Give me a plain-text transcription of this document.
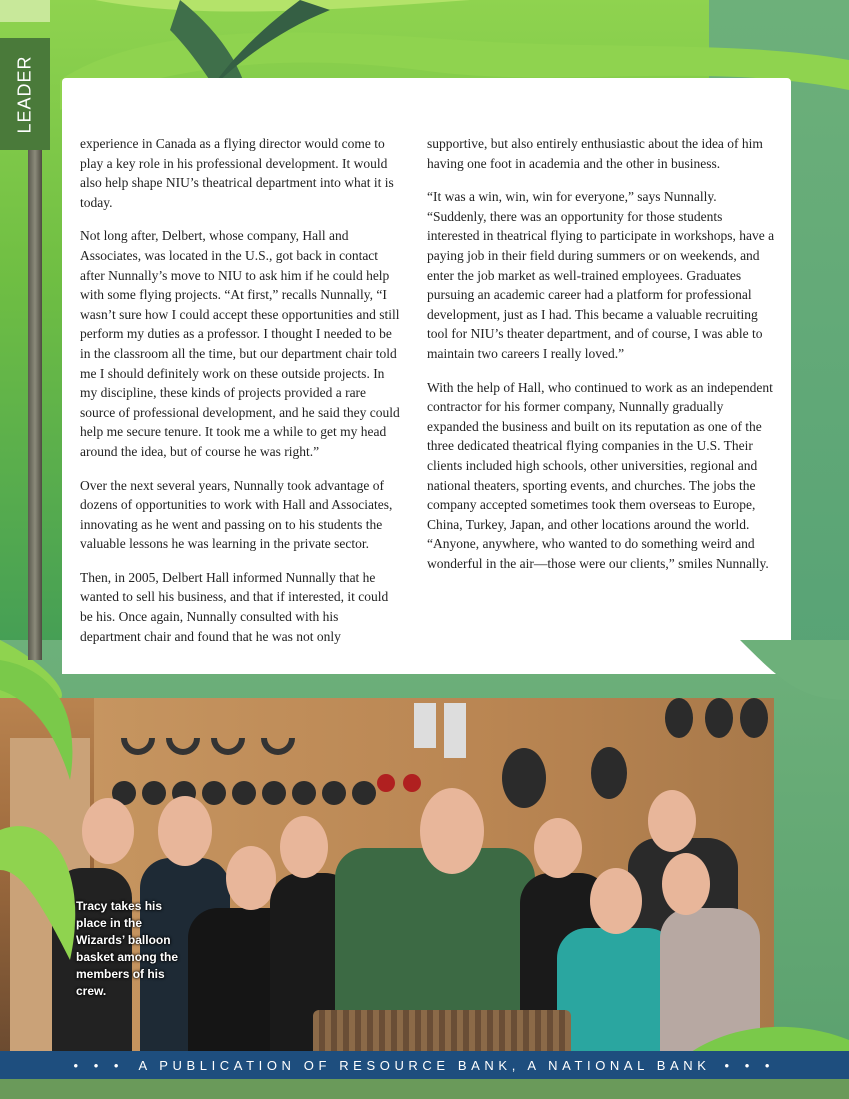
LEADER

experience in Canada as a flying director would come to play a key role in his professional development. It would also help shape NIU’s theatrical department into what it is today.

Not long after, Delbert, whose company, Hall and Associates, was located in the U.S., got back in contact after Nunnally’s move to NIU to ask him if he could help with some flying projects. “At first,” recalls Nunnally, “I wasn’t sure how I could accept these opportunities and still perform my duties as a professor. I thought I needed to be in the classroom all the time, but our department chair told me I should definitely work on these outside projects. In my discipline, these kinds of projects provided a rare source of professional development, and he said they could help me secure tenure. It took me a while to get my head around the idea, but of course he was right.”

Over the next several years, Nunnally took advantage of dozens of opportunities to work with Hall and Associates, innovating as he went and passing on to his students the valuable lessons he was learning in the private sector.

Then, in 2005, Delbert Hall informed Nunnally that he wanted to sell his business, and that if interested, it could be his. Once again, Nunnally consulted with his department chair and found that he was not only

supportive, but also entirely enthusiastic about the idea of him having one foot in academia and the other in business.

“It was a win, win, win for everyone,” says Nunnally. “Suddenly, there was an opportunity for those students interested in theatrical flying to participate in workshops, have a paying job in their field during summers or on weekends, and enter the job market as well-trained employees. Graduates pursuing an academic career had a platform for professional development, just as I had. This became a valuable recruiting tool for NIU’s theater department, and of course, I was able to maintain two careers I really loved.”

With the help of Hall, who continued to work as an independent contractor for his former company, Nunnally gradually expanded the business and built on its reputation as one of the three dedicated theatrical flying companies in the U.S. Their clients included high schools, other universities, regional and national theaters, sporting events, and churches. The jobs the company accepted sometimes took them overseas to Europe, China, Turkey, Japan, and other locations around the world. “Anyone, anywhere, who wanted to do something weird and wonderful in the air—those were our clients,” smiles Nunnally.

Tracy takes his place in the Wizards’ balloon basket among the members of his crew.
• • • A PUBLICATION OF RESOURCE BANK, A NATIONAL BANK • • •
